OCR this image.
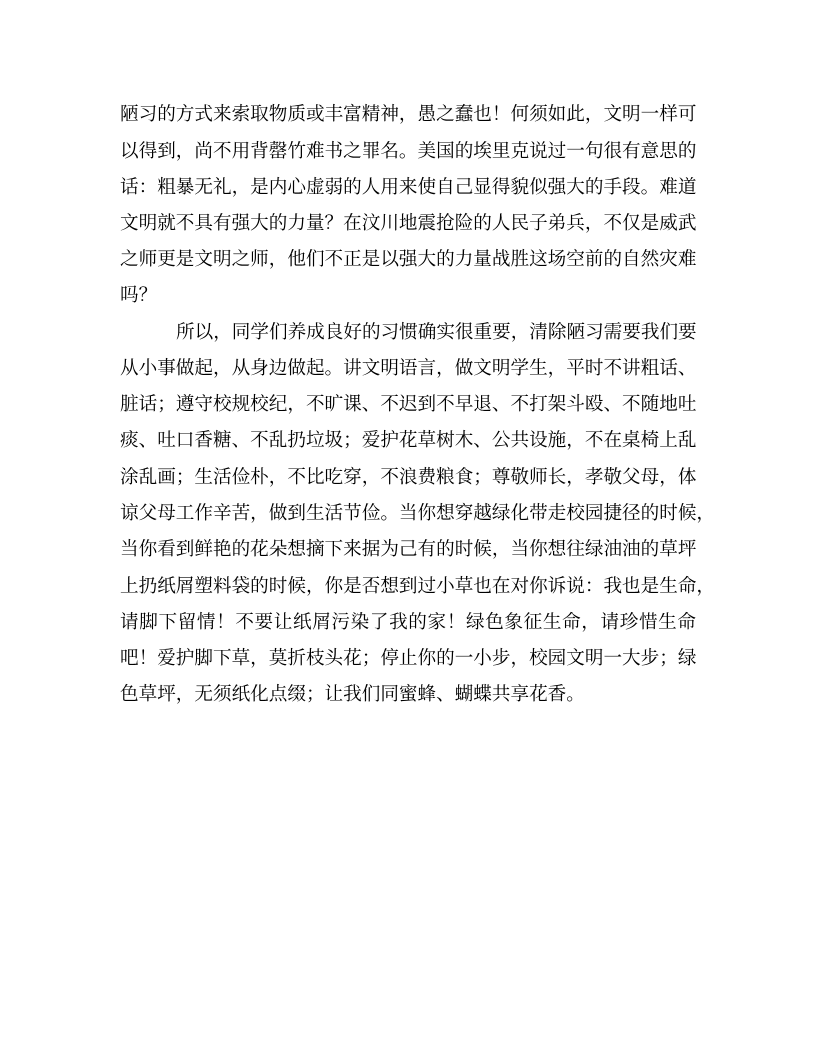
陋习的方式来索取物质或丰富精神，愚之蠢也！何须如此，文明一样可
以得到，尚不用背罄竹难书之罪名。美国的埃里克说过一句很有意思的
话：粗暴无礼，是内心虚弱的人用来使自己显得貌似强大的手段。难道
文明就不具有强大的力量？在汶川地震抢险的人民子弟兵，不仅是威武
之师更是文明之师，他们不正是以强大的力量战胜这场空前的自然灾难
吗？
所以，同学们养成良好的习惯确实很重要，清除陋习需要我们要
从小事做起，从身边做起。讲文明语言，做文明学生，平时不讲粗话、
脏话；遵守校规校纪，不旷课、不迟到不早退、不打架斗殴、不随地吐
痰、吐口香糖、不乱扔垃圾；爱护花草树木、公共设施，不在桌椅上乱
涂乱画；生活俭朴，不比吃穿，不浪费粮食；尊敬师长，孝敬父母，体
谅父母工作辛苦，做到生活节俭。当你想穿越绿化带走校园捷径的时候，
当你看到鲜艳的花朵想摘下来据为己有的时候，当你想往绿油油的草坪
上扔纸屑塑料袋的时候，你是否想到过小草也在对你诉说：我也是生命，
请脚下留情！不要让纸屑污染了我的家！绿色象征生命，请珍惜生命
吧！爱护脚下草，莫折枝头花；停止你的一小步，校园文明一大步；绿
色草坪，无须纸化点缀；让我们同蜜蜂、蝴蝶共享花香。
